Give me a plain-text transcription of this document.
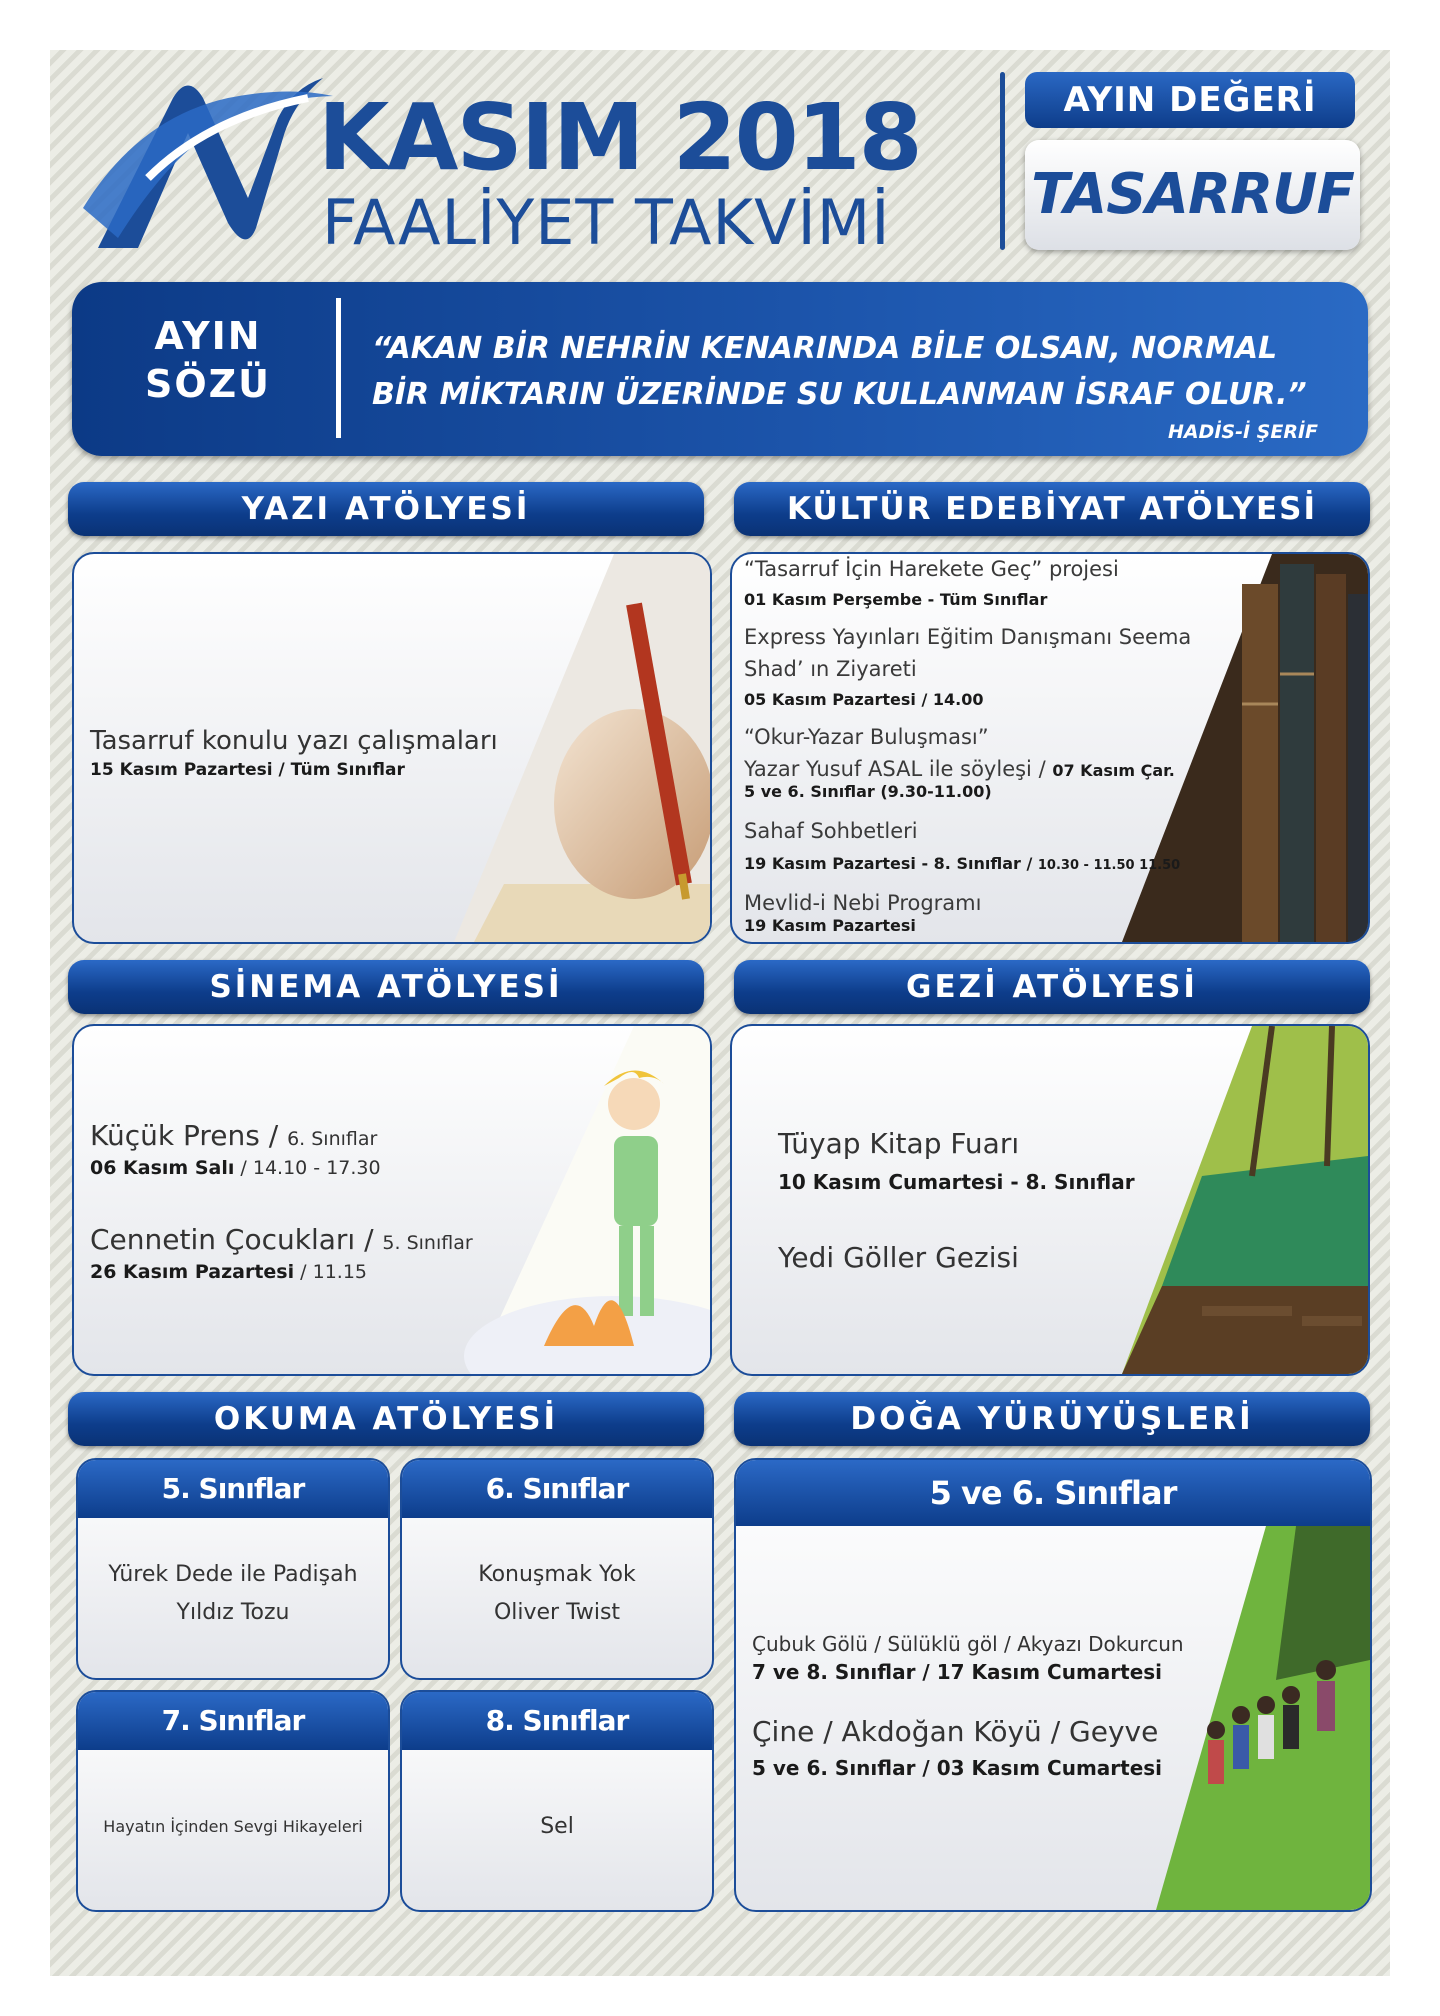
KASIM 2018
FAALİYET TAKVİMİ
AYIN DEĞERİ
TASARRUF
AYIN
SÖZÜ
“AKAN BİR NEHRİN KENARINDA BİLE OLSAN, NORMAL
BİR MİKTARIN ÜZERİNDE SU KULLANMAN İSRAF OLUR.”
HADİS-İ ŞERİF
YAZI ATÖLYESİ
Tasarruf konulu yazı çalışmaları
15 Kasım Pazartesi / Tüm Sınıflar
KÜLTÜR EDEBİYAT ATÖLYESİ
“Tasarruf İçin Harekete Geç” projesi
01 Kasım Perşembe - Tüm Sınıflar
Express Yayınları Eğitim Danışmanı Seema
Shad’ ın Ziyareti
05 Kasım Pazartesi / 14.00
“Okur-Yazar Buluşması”
Yazar Yusuf ASAL ile söyleşi / 07 Kasım Çar.
5 ve 6. Sınıflar (9.30-11.00)
Sahaf Sohbetleri
19 Kasım Pazartesi - 8. Sınıflar / 10.30 - 11.50 11.50
Mevlid-i Nebi Programı
19 Kasım Pazartesi
SİNEMA ATÖLYESİ
Küçük Prens / 6. Sınıflar
06 Kasım Salı / 14.10 - 17.30
Cennetin Çocukları / 5. Sınıflar
26 Kasım Pazartesi / 11.15
GEZİ ATÖLYESİ
Tüyap Kitap Fuarı
10 Kasım Cumartesi - 8. Sınıflar
Yedi Göller Gezisi
OKUMA ATÖLYESİ
5. Sınıflar
Yürek Dede ile Padişah
Yıldız Tozu
6. Sınıflar
Konuşmak Yok
Oliver Twist
7. Sınıflar
Hayatın İçinden Sevgi Hikayeleri
8. Sınıflar
Sel
DOĞA YÜRÜYÜŞLERİ
5 ve 6. Sınıflar
Çubuk Gölü / Sülüklü göl / Akyazı Dokurcun
7 ve 8. Sınıflar / 17 Kasım Cumartesi
Çine / Akdoğan Köyü / Geyve
5 ve 6. Sınıflar / 03 Kasım Cumartesi
